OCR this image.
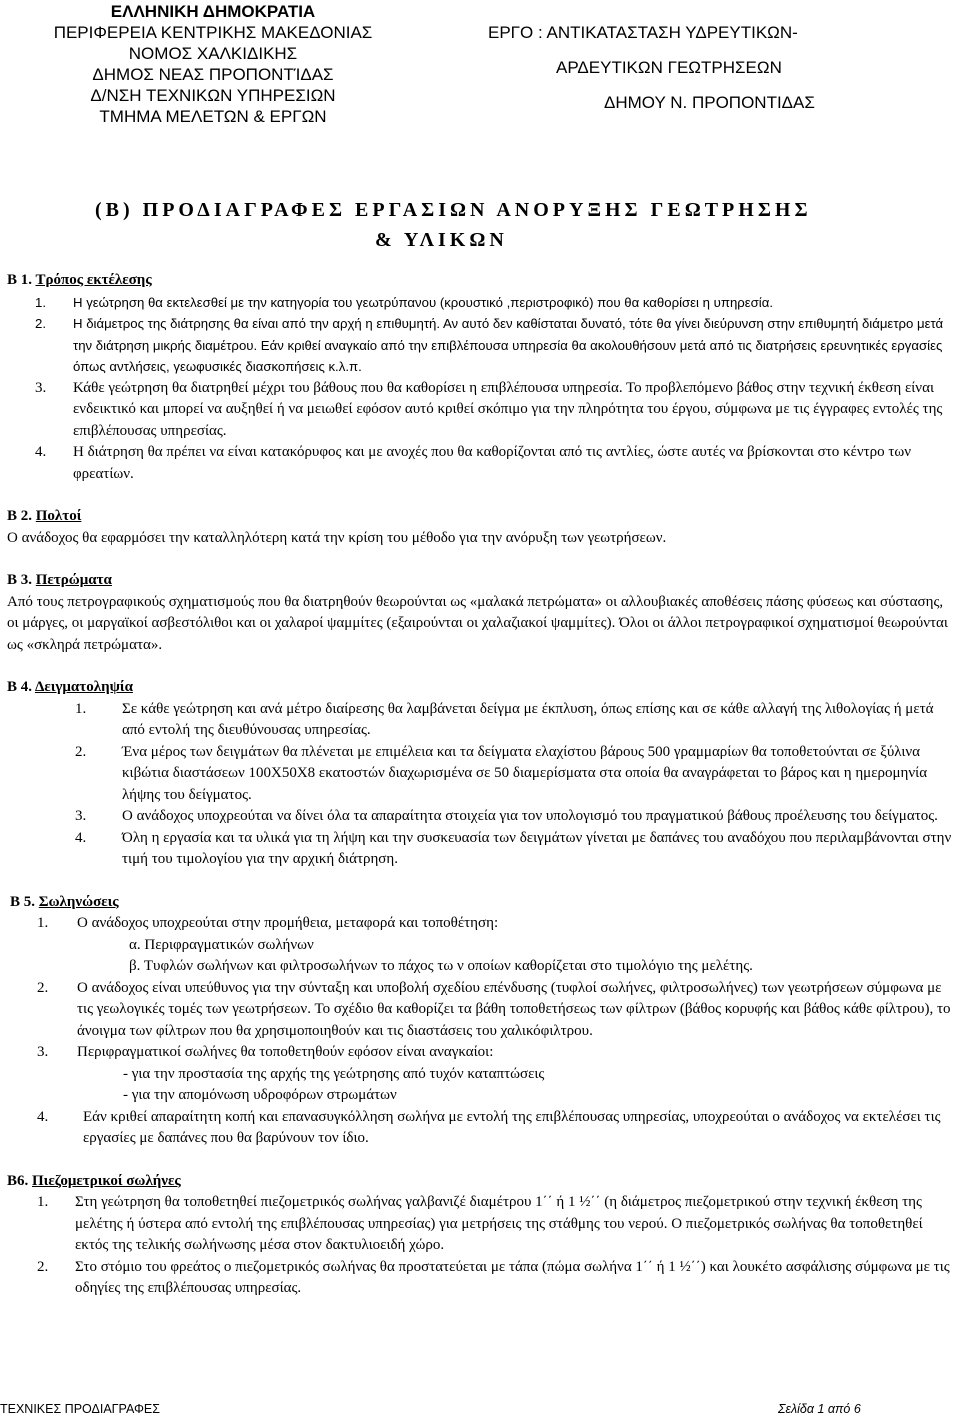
ΕΛΛΗΝΙΚΗ ΔΗΜΟΚΡΑΤΙΑ
ΠΕΡΙΦΕΡΕΙΑ ΚΕΝΤΡΙΚΗΣ ΜΑΚΕΔΟΝΙΑΣ
ΝΟΜΟΣ ΧΑΛΚΙΔΙΚΗΣ
ΔΗΜΟΣ ΝΕΑΣ ΠΡΟΠΟΝΤΊΔΑΣ
Δ/ΝΣΗ ΤΕΧΝΙΚΩΝ ΥΠΗΡΕΣΙΩΝ
ΤΜΗΜΑ ΜΕΛΕΤΩΝ & ΕΡΓΩΝ
ΕΡΓΟ : ΑΝΤΙΚΑΤΑΣΤΑΣΗ ΥΔΡΕΥΤΙΚΩΝ-
ΑΡΔΕΥΤΙΚΩΝ ΓΕΩΤΡΗΣΕΩΝ
ΔΗΜΟΥ Ν. ΠΡΟΠΟΝΤΙΔΑΣ
(Β) ΠΡΟΔΙΑΓΡΑΦΕΣ ΕΡΓΑΣΙΩΝ ΑΝΟΡΥΞΗΣ ΓΕΩΤΡΗΣΗΣ
& ΥΛΙΚΩΝ
Β 1. Τρόπος εκτέλεσης
1. Η γεώτρηση θα εκτελεσθεί με την κατηγορία του γεωτρύπανου (κρουστικό ,περιστροφικό) που θα καθορίσει η υπηρεσία.
2. Η διάμετρος της διάτρησης θα είναι από την αρχή η επιθυμητή. Αν αυτό δεν καθίσταται δυνατό, τότε θα γίνει διεύρυνση στην επιθυμητή διάμετρο μετά την διάτρηση μικρής διαμέτρου. Εάν κριθεί αναγκαίο από την επιβλέπουσα υπηρεσία θα ακολουθήσουν μετά από τις διατρήσεις ερευνητικές εργασίες όπως αντλήσεις, γεωφυσικές διασκοπήσεις κ.λ.π.
3. Κάθε γεώτρηση θα διατρηθεί μέχρι του βάθους που θα καθορίσει η επιβλέπουσα υπηρεσία. Το προβλεπόμενο βάθος στην τεχνική έκθεση είναι ενδεικτικό και μπορεί να αυξηθεί ή να μειωθεί εφόσον αυτό κριθεί σκόπιμο για την πληρότητα του έργου, σύμφωνα με τις έγγραφες εντολές της επιβλέπουσας υπηρεσίας.
4. Η διάτρηση θα πρέπει να είναι κατακόρυφος και με ανοχές που θα καθορίζονται από τις αντλίες, ώστε αυτές να βρίσκονται στο κέντρο των φρεατίων.
Β 2. Πολτοί
Ο ανάδοχος θα εφαρμόσει την καταλληλότερη κατά την κρίση του μέθοδο για την ανόρυξη των γεωτρήσεων.
Β 3. Πετρώματα
Από τους πετρογραφικούς σχηματισμούς που θα διατρηθούν θεωρούνται ως «μαλακά πετρώματα» οι αλλουβιακές αποθέσεις πάσης φύσεως και σύστασης, οι μάργες, οι μαργαϊκοί ασβεστόλιθοι και οι χαλαροί ψαμμίτες (εξαιρούνται οι χαλαζιακοί ψαμμίτες). Όλοι οι άλλοι πετρογραφικοί σχηματισμοί θεωρούνται ως «σκληρά πετρώματα».
Β 4. Δειγματοληψία
1. Σε κάθε γεώτρηση και ανά μέτρο διαίρεσης θα λαμβάνεται δείγμα με έκπλυση, όπως επίσης και σε κάθε αλλαγή της λιθολογίας ή μετά από εντολή της διευθύνουσας υπηρεσίας.
2. Ένα μέρος των δειγμάτων θα πλένεται με επιμέλεια και τα δείγματα ελαχίστου βάρους 500 γραμμαρίων θα τοποθετούνται σε ξύλινα κιβώτια διαστάσεων 100Χ50Χ8 εκατοστών διαχωρισμένα σε 50 διαμερίσματα στα οποία θα αναγράφεται το βάρος και η ημερομηνία λήψης του δείγματος.
3. Ο ανάδοχος υποχρεούται να δίνει όλα τα απαραίτητα στοιχεία για τον υπολογισμό του πραγματικού βάθους προέλευσης του δείγματος.
4. Όλη η εργασία και τα υλικά για τη λήψη και την συσκευασία των δειγμάτων γίνεται με δαπάνες του αναδόχου που περιλαμβάνονται στην τιμή του τιμολογίου για την αρχική διάτρηση.
Β 5. Σωληνώσεις
1. Ο ανάδοχος υποχρεούται στην προμήθεια, μεταφορά και τοποθέτηση:
α. Περιφραγματικών σωλήνων
β. Τυφλών σωλήνων και φιλτροσωλήνων το πάχος τω ν οποίων καθορίζεται στο τιμολόγιο της μελέτης.
2. Ο ανάδοχος είναι υπεύθυνος για την σύνταξη και υποβολή σχεδίου επένδυσης (τυφλοί σωλήνες, φιλτροσωλήνες) των γεωτρήσεων σύμφωνα με τις γεωλογικές τομές των γεωτρήσεων. Το σχέδιο θα καθορίζει τα βάθη τοποθετήσεως των φίλτρων (βάθος κορυφής και βάθος κάθε φίλτρου), το άνοιγμα των φίλτρων που θα χρησιμοποιηθούν και τις διαστάσεις του χαλικόφιλτρου.
3. Περιφραγματικοί σωλήνες θα τοποθετηθούν εφόσον είναι αναγκαίοι:
- για την προστασία της αρχής της γεώτρησης από τυχόν καταπτώσεις
- για την απομόνωση υδροφόρων στρωμάτων
4. Εάν κριθεί απαραίτητη κοπή και επανασυγκόλληση σωλήνα με εντολή της επιβλέπουσας υπηρεσίας, υποχρεούται ο ανάδοχος να εκτελέσει τις εργασίες με δαπάνες που θα βαρύνουν τον ίδιο.
Β6. Πιεζομετρικοί σωλήνες
1. Στη γεώτρηση θα τοποθετηθεί πιεζομετρικός σωλήνας γαλβανιζέ διαμέτρου 1΄΄ ή 1 ½΄΄ (η διάμετρος πιεζομετρικού στην τεχνική έκθεση της μελέτης ή ύστερα από εντολή της επιβλέπουσας υπηρεσίας) για μετρήσεις της στάθμης του νερού. Ο πιεζομετρικός σωλήνας θα τοποθετηθεί εκτός της τελικής σωλήνωσης μέσα στον δακτυλιοειδή χώρο.
2. Στο στόμιο του φρεάτος ο πιεζομετρικός σωλήνας θα προστατεύεται με τάπα (πώμα σωλήνα 1΄΄ ή 1 ½΄΄) και λουκέτο ασφάλισης σύμφωνα με τις οδηγίες της επιβλέπουσας υπηρεσίας.
ΤΕΧΝΙΚΕΣ ΠΡΟΔΙΑΓΡΑΦΕΣ	Σελίδα 1 από 6
